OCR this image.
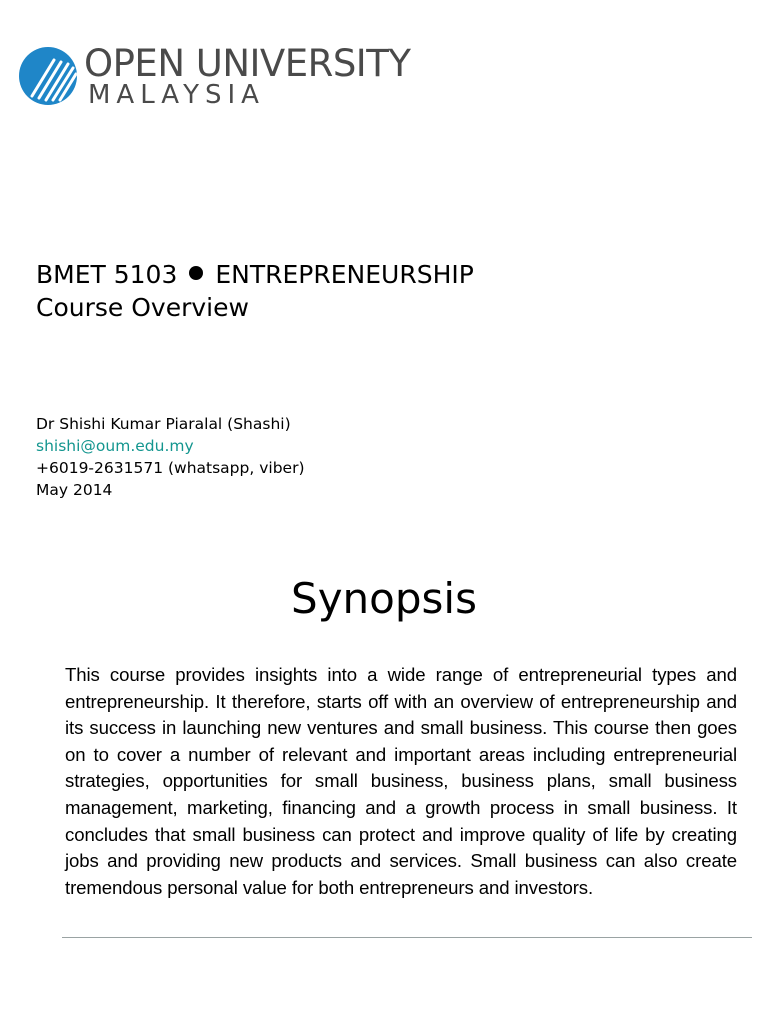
OPEN UNIVERSITY
MALAYSIA
BMET 5103 ENTREPRENEURSHIP
Course Overview
Dr Shishi Kumar Piaralal (Shashi)
shishi@oum.edu.my
+6019-2631571 (whatsapp, viber)
May 2014
Synopsis
This course provides insights into a wide range of entrepreneurial types and entrepreneurship. It therefore, starts off with an overview of entrepreneurship and its success in launching new ventures and small business. This course then goes on to cover a number of relevant and important areas including entrepreneurial strategies, opportunities for small business, business plans, small business management, marketing, financing and a growth process in small business. It concludes that small business can protect and improve quality of life by creating jobs and providing new products and services. Small business can also create tremendous personal value for both entrepreneurs and investors.
